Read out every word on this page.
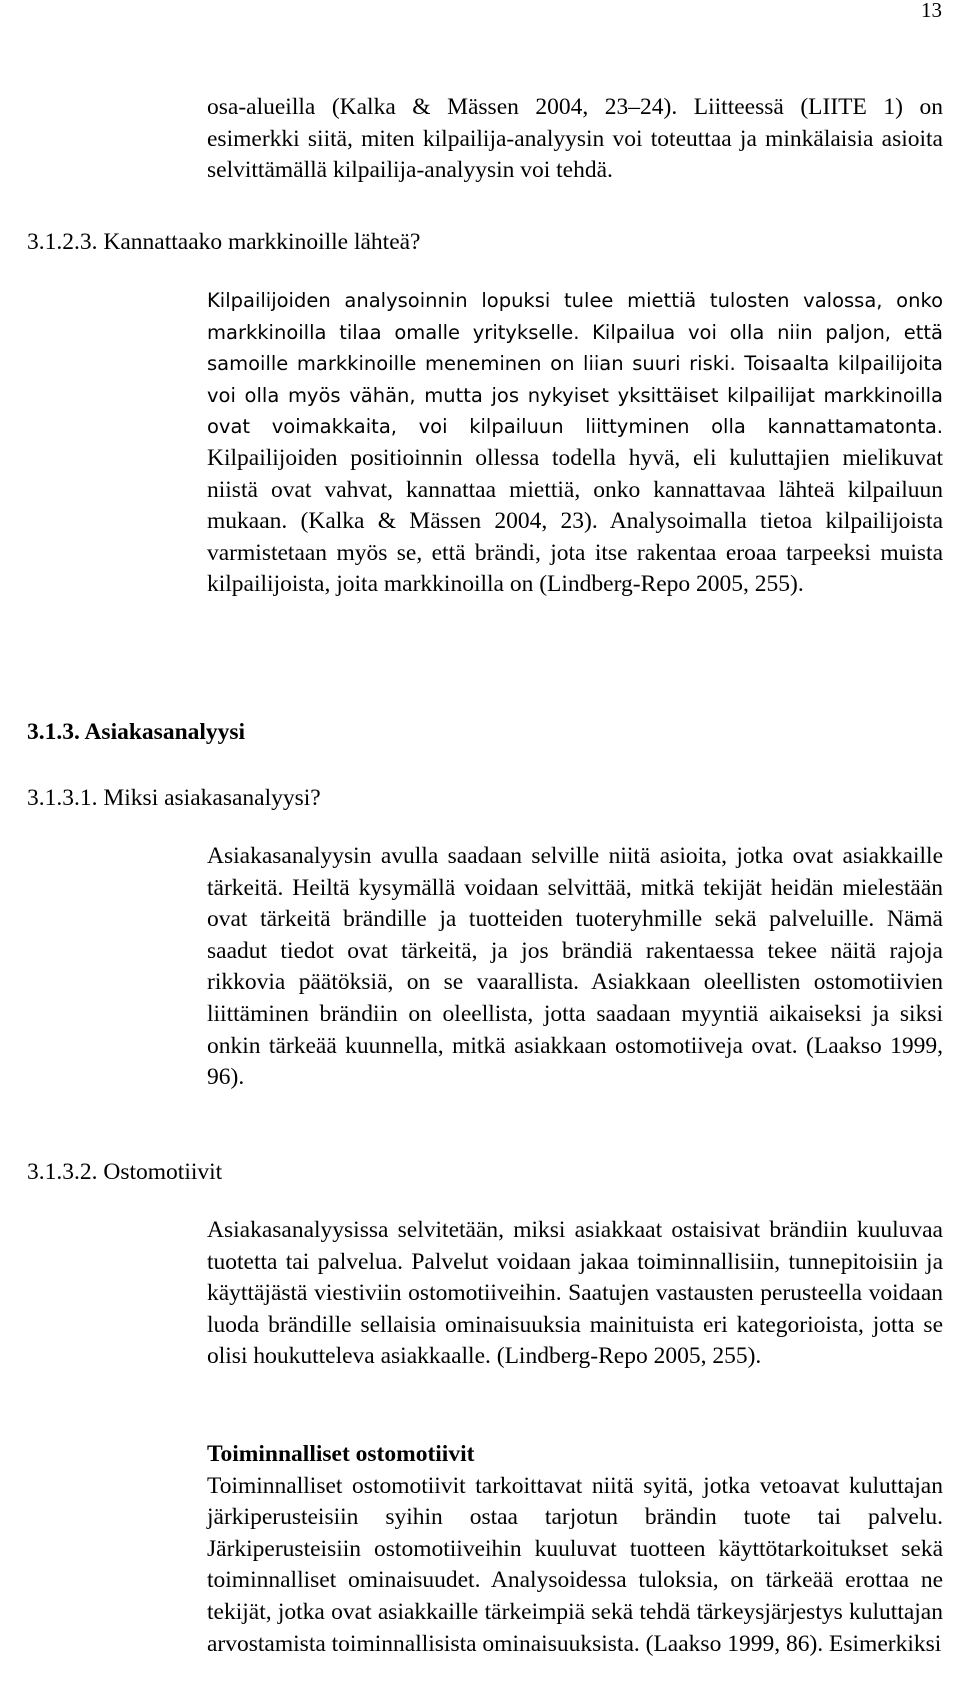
13

osa-alueilla (Kalka & Mässen 2004, 23–24). Liitteessä (LIITE 1) on esimerkki siitä, miten kilpailija-analyysin voi toteuttaa ja minkälaisia asioita selvittämällä kilpailija-analyysin voi tehdä.

3.1.2.3. Kannattaako markkinoille lähteä?

Kilpailijoiden analysoinnin lopuksi tulee miettiä tulosten valossa, onko markkinoilla tilaa omalle yritykselle. Kilpailua voi olla niin paljon, että samoille markkinoille meneminen on liian suuri riski. Toisaalta kilpailijoita voi olla myös vähän, mutta jos nykyiset yksittäiset kilpailijat markkinoilla ovat voimakkaita, voi kilpailuun liittyminen olla kannattamatonta. Kilpailijoiden positioinnin ollessa todella hyvä, eli kuluttajien mielikuvat niistä ovat vahvat, kannattaa miettiä, onko kannattavaa lähteä kilpailuun mukaan. (Kalka & Mässen 2004, 23). Analysoimalla tietoa kilpailijoista varmistetaan myös se, että brändi, jota itse rakentaa eroaa tarpeeksi muista kilpailijoista, joita markkinoilla on (Lindberg-Repo 2005, 255).

3.1.3. Asiakasanalyysi
3.1.3.1. Miksi asiakasanalyysi?

Asiakasanalyysin avulla saadaan selville niitä asioita, jotka ovat asiakkaille tärkeitä. Heiltä kysymällä voidaan selvittää, mitkä tekijät heidän mielestään ovat tärkeitä brändille ja tuotteiden tuoteryhmille sekä palveluille. Nämä saadut tiedot ovat tärkeitä, ja jos brändiä rakentaessa tekee näitä rajoja rikkovia päätöksiä, on se vaarallista. Asiakkaan oleellisten ostomotiivien liittäminen brändiin on oleellista, jotta saadaan myyntiä aikaiseksi ja siksi onkin tärkeää kuunnella, mitkä asiakkaan ostomotiiveja ovat. (Laakso 1999, 96).

3.1.3.2. Ostomotiivit

Asiakasanalyysissa selvitetään, miksi asiakkaat ostaisivat brändiin kuuluvaa tuotetta tai palvelua. Palvelut voidaan jakaa toiminnallisiin, tunnepitoisiin ja käyttäjästä viestiviin ostomotiiveihin. Saatujen vastausten perusteella voidaan luoda brändille sellaisia ominaisuuksia mainituista eri kategorioista, jotta se olisi houkutteleva asiakkaalle. (Lindberg-Repo 2005, 255).

Toiminnalliset ostomotiivit

Toiminnalliset ostomotiivit tarkoittavat niitä syitä, jotka vetoavat kuluttajan järkiperusteisiin syihin ostaa tarjotun brändin tuote tai palvelu. Järkiperusteisiin ostomotiiveihin kuuluvat tuotteen käyttötarkoitukset sekä toiminnalliset ominaisuudet. Analysoidessa tuloksia, on tärkeää erottaa ne tekijät, jotka ovat asiakkaille tärkeimpiä sekä tehdä tärkeysjärjestys kuluttajan arvostamista toiminnallisista ominaisuuksista. (Laakso 1999, 86). Esimerkiksi
